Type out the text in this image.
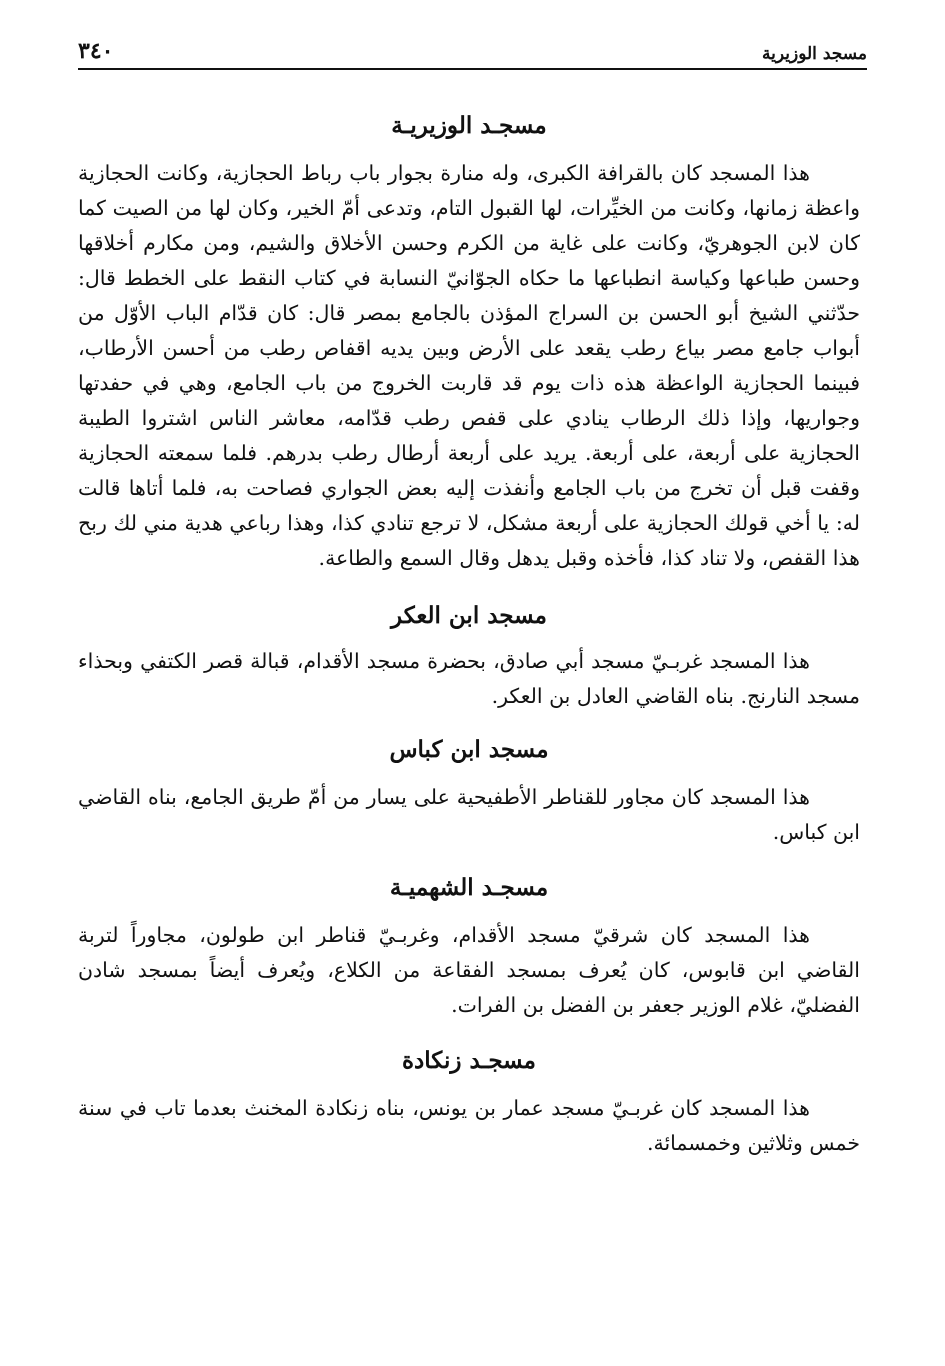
مسجد الوزيرية
٣٤٠
مسجـد الوزيريـة

هذا المسجد كان بالقرافة الكبرى، وله منارة بجوار باب رباط الحجازية، وكانت الحجازية واعظة زمانها، وكانت من الخيِّرات، لها القبول التام، وتدعى أمّ الخير، وكان لها من الصيت كما كان لابن الجوهريّ، وكانت على غاية من الكرم وحسن الأخلاق والشيم، ومن مكارم أخلاقها وحسن طباعها وكياسة انطباعها ما حكاه الجوّانيّ النسابة في كتاب النقط على الخطط قال: حدّثني الشيخ أبو الحسن بن السراج المؤذن بالجامع بمصر قال: كان قدّام الباب الأوّل من أبواب جامع مصر بياع رطب يقعد على الأرض وبين يديه اقفاص رطب من أحسن الأرطاب، فبينما الحجازية الواعظة هذه ذات يوم قد قاربت الخروج من باب الجامع، وهي في حفدتها وجواريها، وإذا ذلك الرطاب ينادي على قفص رطب قدّامه، معاشر الناس اشتروا الطيبة الحجازية على أربعة، على أربعة. يريد على أربعة أرطال رطب بدرهم. فلما سمعته الحجازية وقفت قبل أن تخرج من باب الجامع وأنفذت إليه بعض الجواري فصاحت به، فلما أتاها قالت له: يا أخي قولك الحجازية على أربعة مشكل، لا ترجع تنادي كذا، وهذا رباعي هدية مني لك ربح هذا القفص، ولا تناد كذا، فأخذه وقبل يدهل وقال السمع والطاعة.

مسجد ابن العكر

هذا المسجد غربـيّ مسجد أبي صادق، بحضرة مسجد الأقدام، قبالة قصر الكتفي وبحذاء مسجد النارنج. بناه القاضي العادل بن العكر.

مسجد ابن كباس

هذا المسجد كان مجاور للقناطر الأطفيحية على يسار من أمّ طريق الجامع، بناه القاضي ابن كباس.

مسجـد الشهميـة

هذا المسجد كان شرقيّ مسجد الأقدام، وغربـيّ قناطر ابن طولون، مجاوراً لتربة القاضي ابن قابوس، كان يُعرف بمسجد الفقاعة من الكلاع، ويُعرف أيضاً بمسجد شادن الفضليّ، غلام الوزير جعفر بن الفضل بن الفرات.

مسجـد زنكادة

هذا المسجد كان غربـيّ مسجد عمار بن يونس، بناه زنكادة المخنث بعدما تاب في سنة خمس وثلاثين وخمسمائة.
